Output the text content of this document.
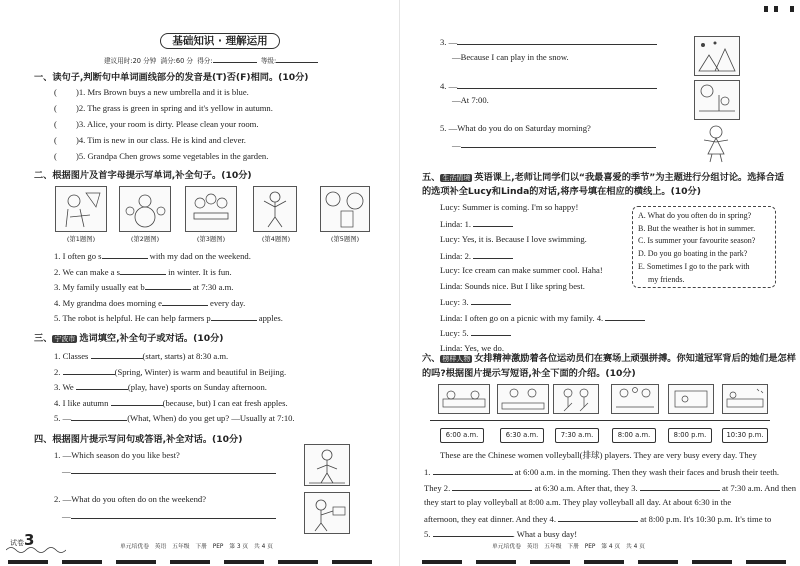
基础知识 · 理解运用
建议用时:20 分钟 满分:60 分 得分:	等级:
一、读句子,判断句中单词画线部分的发音是(T)否(F)相同。(10分)
( )1. Mrs Brown buys a new umbrella and it is blue.
( )2. The grass is green in spring and it's yellow in autumn.
( )3. Alice, your room is dirty. Please clean your room.
( )4. Tim is new in our class. He is kind and clever.
( )5. Grandpa Chen grows some vegetables in the garden.
二、根据图片及首字母提示写单词,补全句子。(10分)
(第1题图)	(第2题图)	(第3题图)	(第4题图)	(第5题图)
1. I often go s	with my dad on the weekend.
2. We can make a s	in winter. It is fun.
3. My family usually eat b	at 7:30 a.m.
4. My grandma does morning e	every day.
5. The robot is helpful. He can help farmers p	apples.
三、 宁波市 选词填空,补全句子或对话。(10分)
1. Classes	(start, starts) at 8:30 a.m.
2.	(Spring, Winter) is warm and beautiful in Beijing.
3. We	(play, have) sports on Sunday afternoon.
4. I like autumn	(because, but) I can eat fresh apples.
5. —	(What, When) do you get up? —Usually at 7:10.
四、根据图片提示写问句或答语,补全对话。(10分)
1. —Which season do you like best?
—
2. —What do you often do on the weekend?
—
试卷3	单元培优卷　英语　五年级　下册　PEP　第 3 页　共 4 页
3. —
—Because I can play in the snow.
4. —
—At 7:00.
5. —What do you do on Saturday morning?
—
五、 生活情境 英语课上,老师让同学们以“我最喜爱的季节”为主题进行分组讨论。选择合适
的选项补全Lucy和Linda的对话,将序号填在相应的横线上。(10分)
Lucy: Summer is coming. I'm so happy!
Linda: 1.
Lucy: Yes, it is. Because I love swimming.
Linda: 2.
Lucy: Ice cream can make summer cool. Haha!
Linda: Sounds nice. But I like spring best.
Lucy: 3.
Linda: I often go on a picnic with my family. 4.
Lucy: 5.
Linda: Yes, we do.
A. What do you often do in spring?
B. But the weather is hot in summer.
C. Is summer your favourite season?
D. Do you go boating in the park?
E. Sometimes I go to the park with
my friends.
六、 榜样人物 女排精神激励着各位运动员们在赛场上顽强拼搏。你知道冠军背后的她们是怎样
的吗?根据图片提示写短语,补全下面的介绍。(10分)
6:00 a.m.	6:30 a.m.	7:30 a.m.	8:00 a.m.	8:00 p.m.	10:30 p.m.
These are the Chinese women volleyball(排球) players. They are very busy every day. They
1.	at 6:00 a.m. in the morning. Then they wash their faces and brush their teeth.
They 2.	at 6:30 a.m. After that, they 3.	at 7:30 a.m. And then
they start to play volleyball at 8:00 a.m. They play volleyball all day. At about 6:30 in the
afternoon, they eat dinner. And they 4.	at 8:00 p.m. It's 10:30 p.m. It's time to
5.	. What a busy day!
单元培优卷　英语　五年级　下册　PEP　第 4 页　共 4 页
